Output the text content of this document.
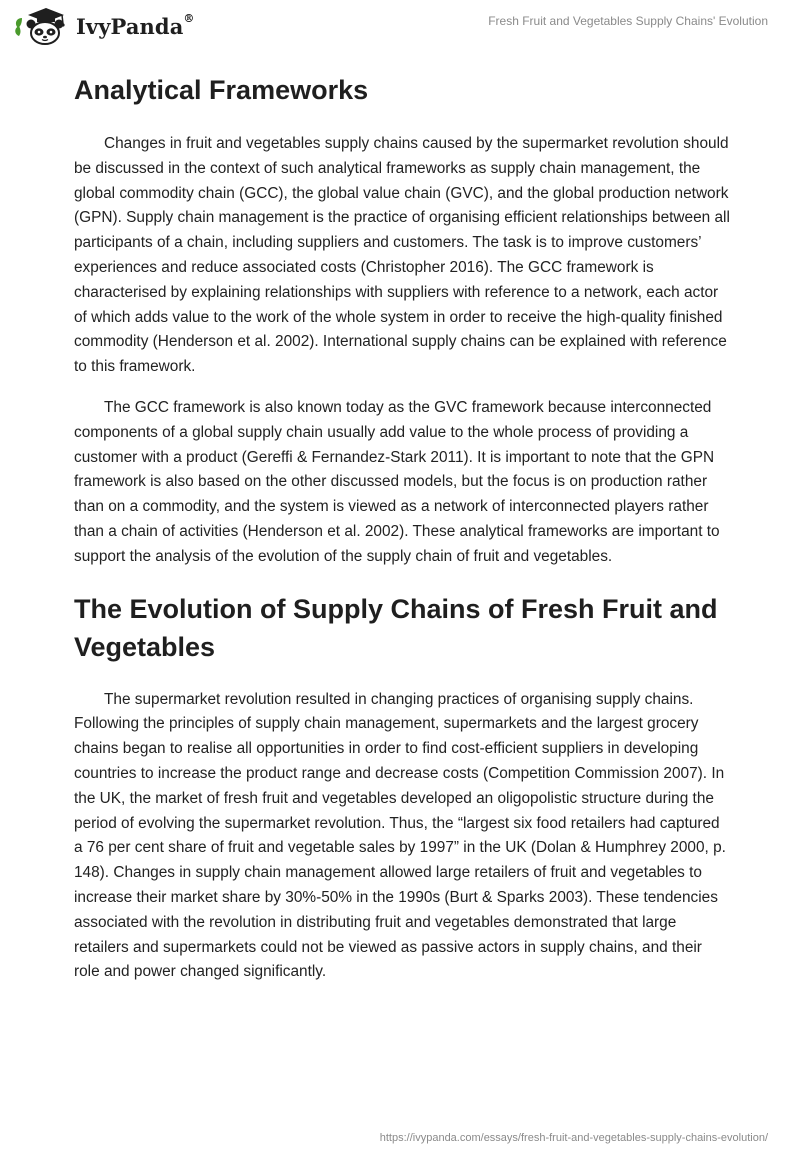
IvyPanda®	Fresh Fruit and Vegetables Supply Chains' Evolution
Analytical Frameworks

Changes in fruit and vegetables supply chains caused by the supermarket revolution should be discussed in the context of such analytical frameworks as supply chain management, the global commodity chain (GCC), the global value chain (GVC), and the global production network (GPN). Supply chain management is the practice of organising efficient relationships between all participants of a chain, including suppliers and customers. The task is to improve customers’ experiences and reduce associated costs (Christopher 2016). The GCC framework is characterised by explaining relationships with suppliers with reference to a network, each actor of which adds value to the work of the whole system in order to receive the high-quality finished commodity (Henderson et al. 2002). International supply chains can be explained with reference to this framework.

The GCC framework is also known today as the GVC framework because interconnected components of a global supply chain usually add value to the whole process of providing a customer with a product (Gereffi & Fernandez-Stark 2011). It is important to note that the GPN framework is also based on the other discussed models, but the focus is on production rather than on a commodity, and the system is viewed as a network of interconnected players rather than a chain of activities (Henderson et al. 2002). These analytical frameworks are important to support the analysis of the evolution of the supply chain of fruit and vegetables.

The Evolution of Supply Chains of Fresh Fruit and Vegetables

The supermarket revolution resulted in changing practices of organising supply chains. Following the principles of supply chain management, supermarkets and the largest grocery chains began to realise all opportunities in order to find cost-efficient suppliers in developing countries to increase the product range and decrease costs (Competition Commission 2007). In the UK, the market of fresh fruit and vegetables developed an oligopolistic structure during the period of evolving the supermarket revolution. Thus, the “largest six food retailers had captured a 76 per cent share of fruit and vegetable sales by 1997” in the UK (Dolan & Humphrey 2000, p. 148). Changes in supply chain management allowed large retailers of fruit and vegetables to increase their market share by 30%-50% in the 1990s (Burt & Sparks 2003). These tendencies associated with the revolution in distributing fruit and vegetables demonstrated that large retailers and supermarkets could not be viewed as passive actors in supply chains, and their role and power changed significantly.

https://ivypanda.com/essays/fresh-fruit-and-vegetables-supply-chains-evolution/
